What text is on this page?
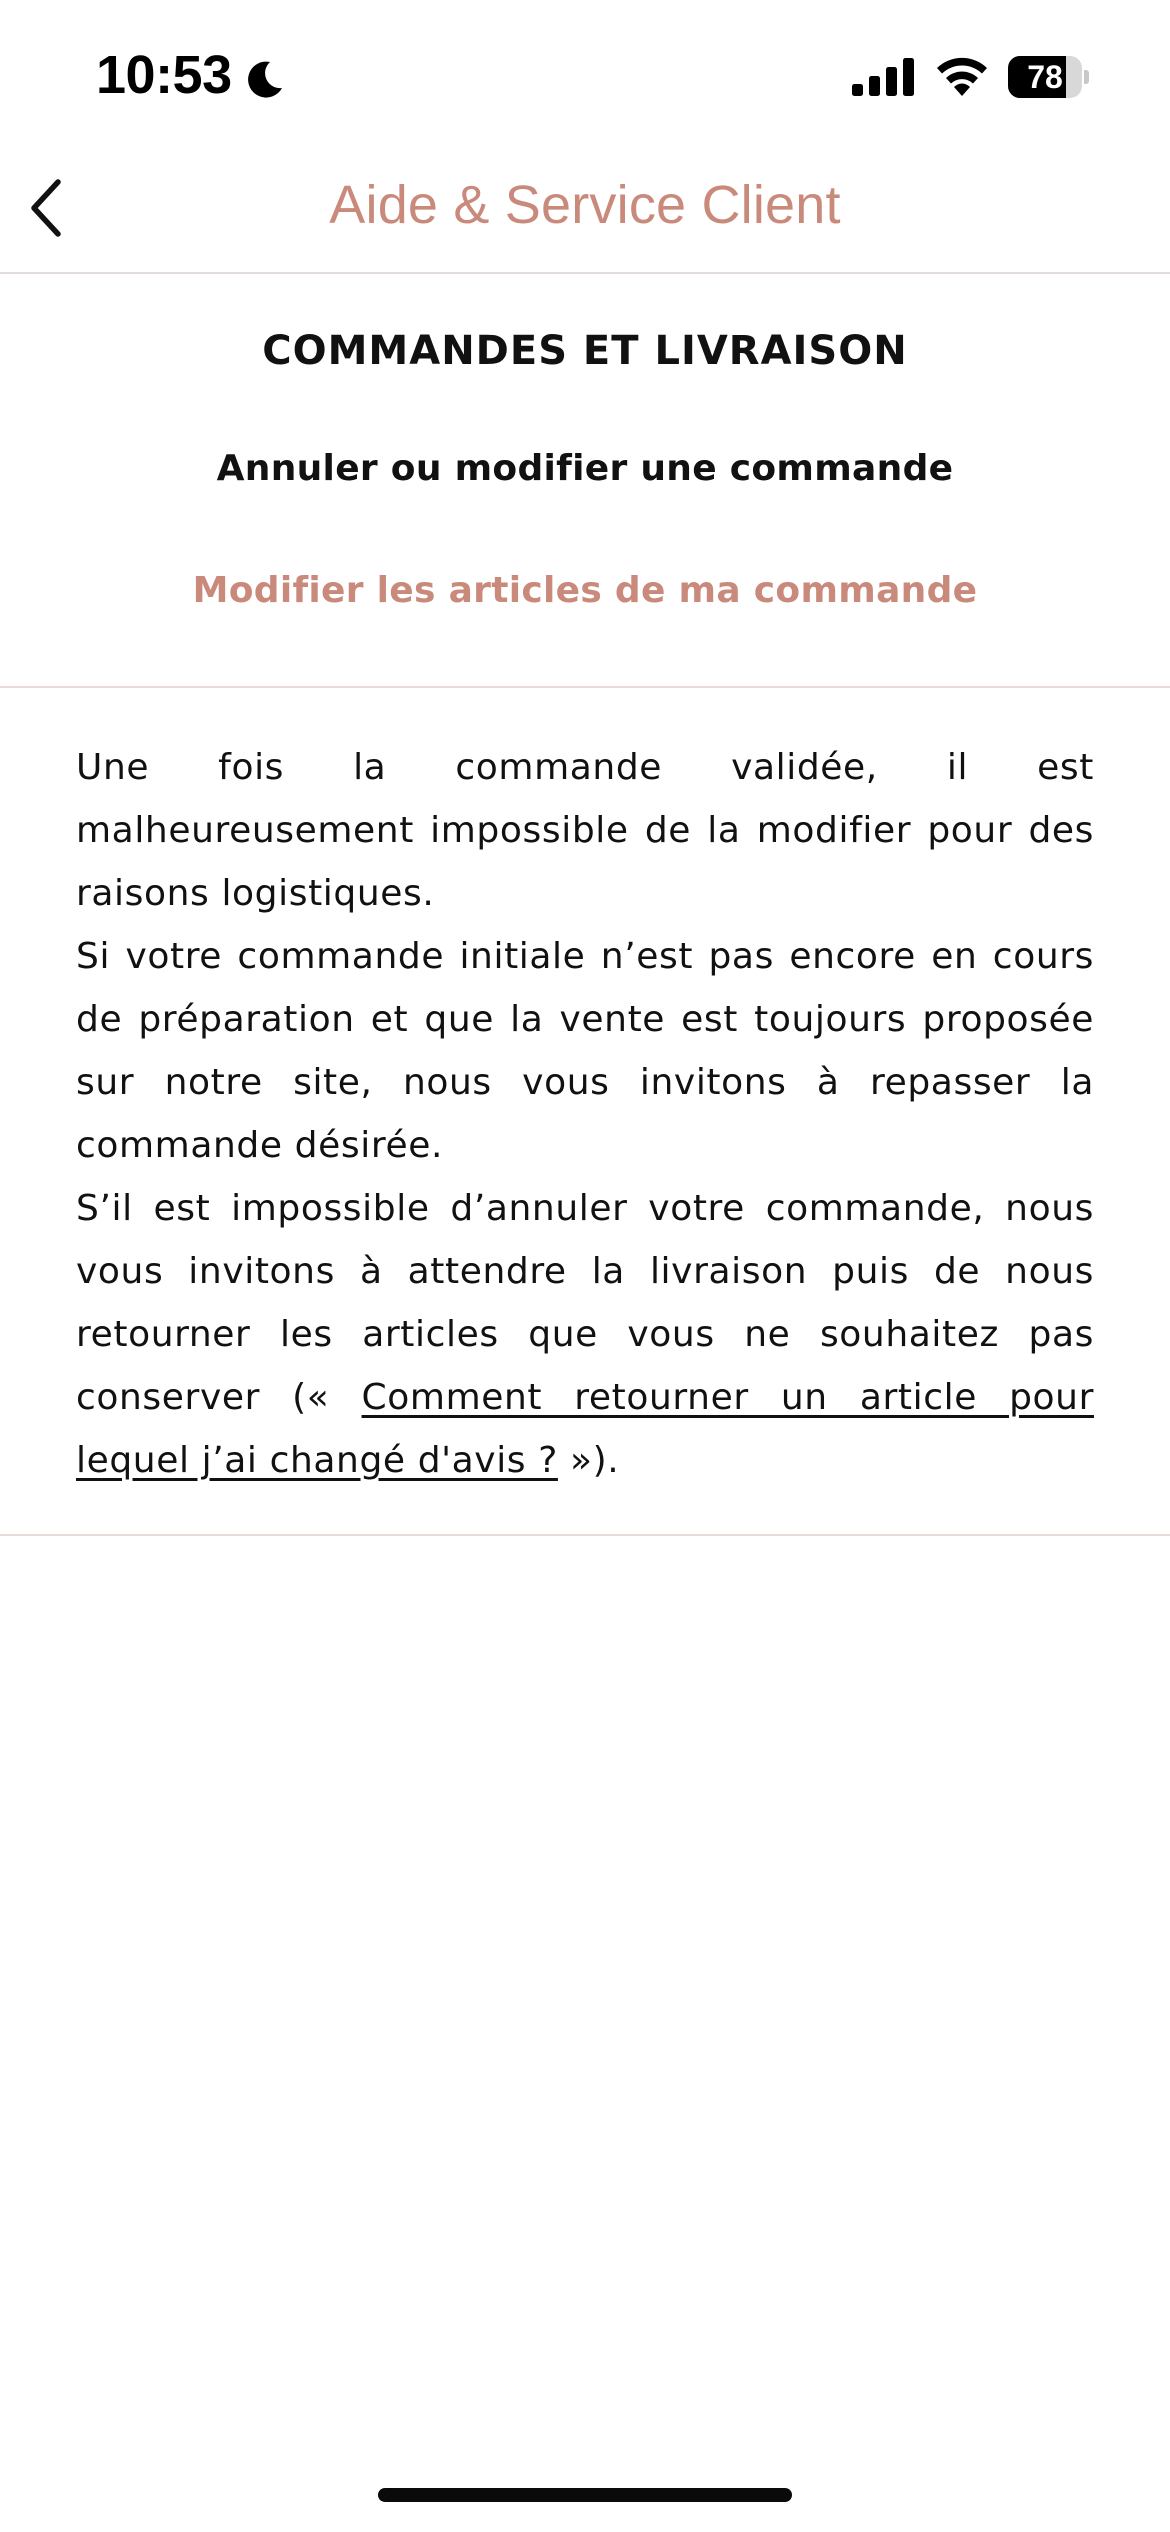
10:53	78
Aide & Service Client
COMMANDES ET LIVRAISON
Annuler ou modifier une commande
Modifier les articles de ma commande

Une fois la commande validée, il est malheureusement impossible de la modifier pour des raisons logistiques.

Si votre commande initiale n’est pas encore en cours de préparation et que la vente est toujours proposée sur notre site, nous vous invitons à repasser la commande désirée.

S’il est impossible d’annuler votre commande, nous vous invitons à attendre la livraison puis de nous retourner les articles que vous ne souhaitez pas conserver (« Comment retourner un article pour lequel j’ai changé d'avis ? »).
